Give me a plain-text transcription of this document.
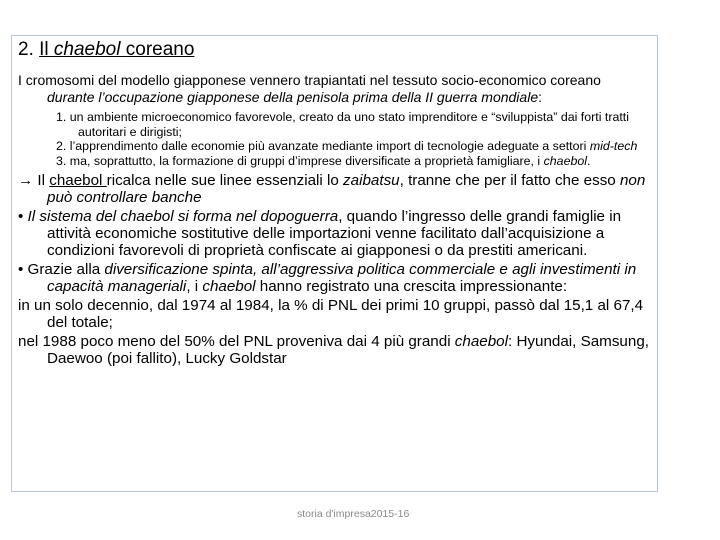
2. Il chaebol coreano
I cromosomi del modello giapponese vennero trapiantati nel tessuto socio-economico coreano durante l’occupazione giapponese della penisola prima della II guerra mondiale:
1. un ambiente microeconomico favorevole, creato da uno stato imprenditore e “sviluppista” dai forti tratti autoritari e dirigisti;
2. l’apprendimento dalle economie più avanzate mediante import di tecnologie adeguate a settori mid-tech
3. ma, soprattutto, la formazione di gruppi d’imprese diversificate a proprietà famigliare, i chaebol.
→ Il chaebol ricalca nelle sue linee essenziali lo zaibatsu, tranne che per il fatto che esso non può controllare banche
• Il sistema del chaebol si forma nel dopoguerra, quando l’ingresso delle grandi famiglie in attività economiche sostitutive delle importazioni venne facilitato dall’acquisizione a condizioni favorevoli di proprietà confiscate ai giapponesi o da prestiti americani.
• Grazie alla diversificazione spinta, all’aggressiva politica commerciale e agli investimenti in capacità manageriali, i chaebol hanno registrato una crescita impressionante:
in un solo decennio, dal 1974 al 1984, la % di PNL dei primi 10 gruppi, passò dal 15,1 al 67,4 del totale;
nel 1988 poco meno del 50% del PNL proveniva dai 4 più grandi chaebol: Hyundai, Samsung, Daewoo (poi fallito), Lucky Goldstar
storia d'impresa2015-16
